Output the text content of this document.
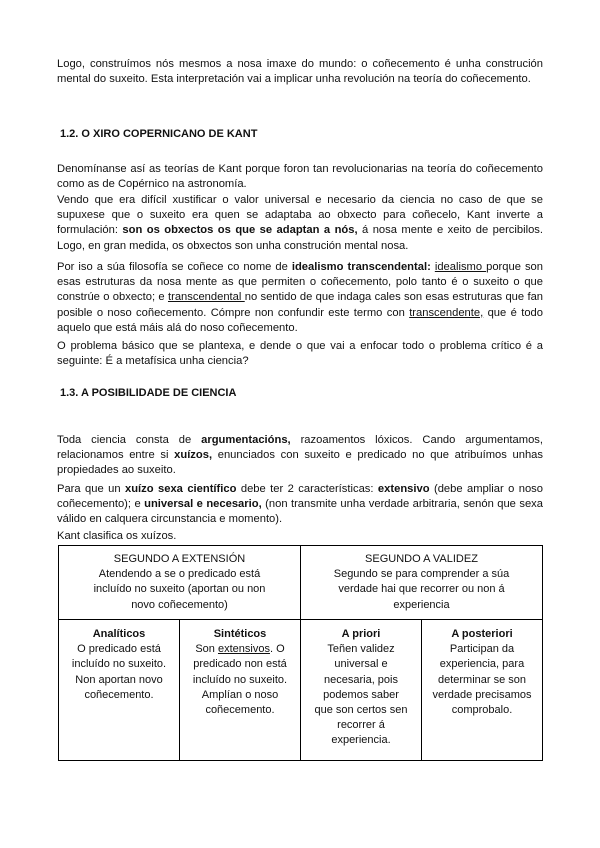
Logo, construímos nós mesmos a nosa imaxe do mundo: o coñecemento é unha construción mental do suxeito. Esta interpretación vai a implicar unha revolución na teoría do coñecemento.

1.2. O XIRO COPERNICANO DE KANT

Denomínanse así as teorías de Kant porque foron tan revolucionarias na teoría do coñecemento como as de Copérnico na astronomía.

Vendo que era difícil xustificar o valor universal e necesario da ciencia no caso de que se supuxese que o suxeito era quen se adaptaba ao obxecto para coñecelo, Kant inverte a formulación: son os obxectos os que se adaptan a nós, á nosa mente e xeito de percibilos. Logo, en gran medida, os obxectos son unha construción mental nosa.

Por iso a súa filosofía se coñece co nome de idealismo transcendental: idealismo porque son esas estruturas da nosa mente as que permiten o coñecemento, polo tanto é o suxeito o que constrúe o obxecto; e transcendental no sentido de que indaga cales son esas estruturas que fan posible o noso coñecemento. Cómpre non confundir este termo con transcendente, que é todo aquelo que está máis alá do noso coñecemento.

O problema básico que se plantexa, e dende o que vai a enfocar todo o problema crítico é a seguinte: É a metafísica unha ciencia?

1.3. A POSIBILIDADE DE CIENCIA

Toda ciencia consta de argumentacións, razoamentos lóxicos. Cando argumentamos, relacionamos entre si xuízos, enunciados con suxeito e predicado no que atribuímos unhas propiedades ao suxeito.

Para que un xuízo sexa científico debe ter 2 características: extensivo (debe ampliar o noso coñecemento); e universal e necesario, (non transmite unha verdade arbitraria, senón que sexa válido en calquera circunstancia e momento).

Kant clasifica os xuízos.

SEGUNDO A EXTENSIÓN
Atendendo a se o predicado está incluído no suxeito (aportan ou non novo coñecemento)
SEGUNDO A VALIDEZ
Segundo se para comprender a súa verdade hai que recorrer ou non á experiencia
Analíticos
O predicado está incluído no suxeito. Non aportan novo coñecemento.
Sintéticos
Son extensivos. O predicado non está incluído no suxeito. Amplían o noso coñecemento.
A priori
Teñen validez universal e necesaria, pois podemos saber que son certos sen recorrer á experiencia.
A posteriori
Participan da experiencia, para determinar se son verdade precisamos comprobalo.
